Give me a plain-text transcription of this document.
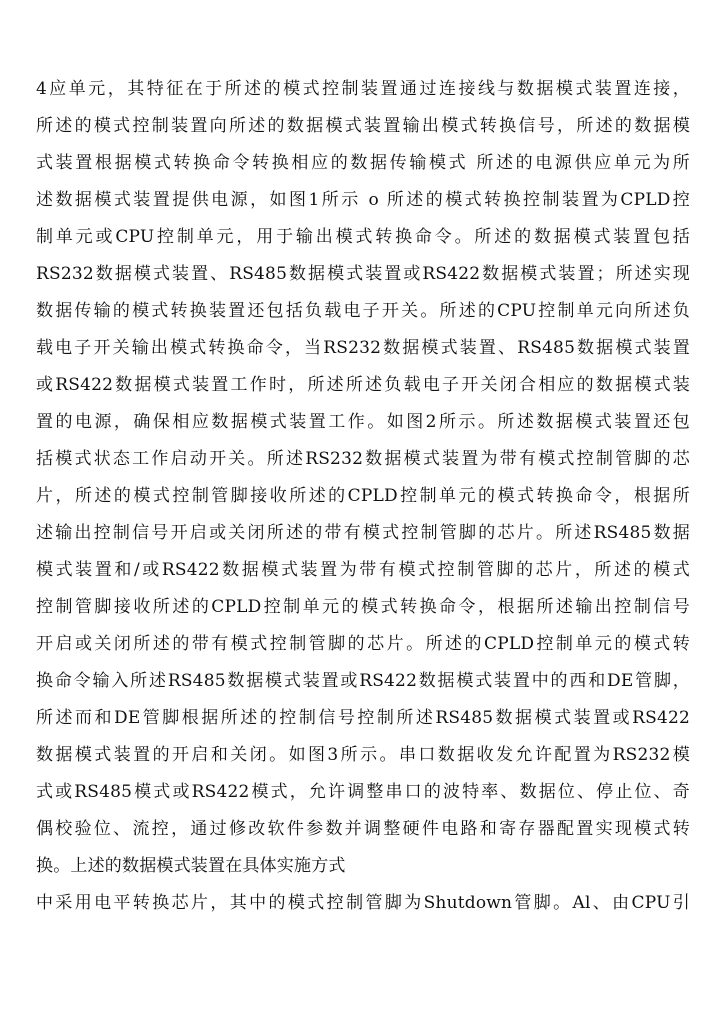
4应单元，其特征在于所述的模式控制装置通过连接线与数据模式装置连接，
所述的模式控制装置向所述的数据模式装置输出模式转换信号，所述的数据模
式装置根据模式转换命令转换相应的数据传输模式 所述的电源供应单元为所
述数据模式装置提供电源，如图1所示 o 所述的模式转换控制装置为CPLD控
制单元或CPU控制单元，用于输出模式转换命令。所述的数据模式装置包括
RS232数据模式装置、RS485数据模式装置或RS422数据模式装置；所述实现
数据传输的模式转换装置还包括负载电子开关。所述的CPU控制单元向所述负
载电子开关输出模式转换命令，当RS232数据模式装置、RS485数据模式装置
或RS422数据模式装置工作时，所述所述负载电子开关闭合相应的数据模式装
置的电源，确保相应数据模式装置工作。如图2所示。所述数据模式装置还包
括模式状态工作启动开关。所述RS232数据模式装置为带有模式控制管脚的芯
片，所述的模式控制管脚接收所述的CPLD控制单元的模式转换命令，根据所
述输出控制信号开启或关闭所述的带有模式控制管脚的芯片。所述RS485数据
模式装置和/或RS422数据模式装置为带有模式控制管脚的芯片，所述的模式
控制管脚接收所述的CPLD控制单元的模式转换命令，根据所述输出控制信号
开启或关闭所述的带有模式控制管脚的芯片。所述的CPLD控制单元的模式转
换命令输入所述RS485数据模式装置或RS422数据模式装置中的西和DE管脚，
所述而和DE管脚根据所述的控制信号控制所述RS485数据模式装置或RS422
数据模式装置的开启和关闭。如图3所示。串口数据收发允许配置为RS232模
式或RS485模式或RS422模式，允许调整串口的波特率、数据位、停止位、奇
偶校验位、流控，通过修改软件参数并调整硬件电路和寄存器配置实现模式转
换。上述的数据模式装置在具体实施方式
中采用电平转换芯片，其中的模式控制管脚为Shutdown管脚。Al、由CPU引
